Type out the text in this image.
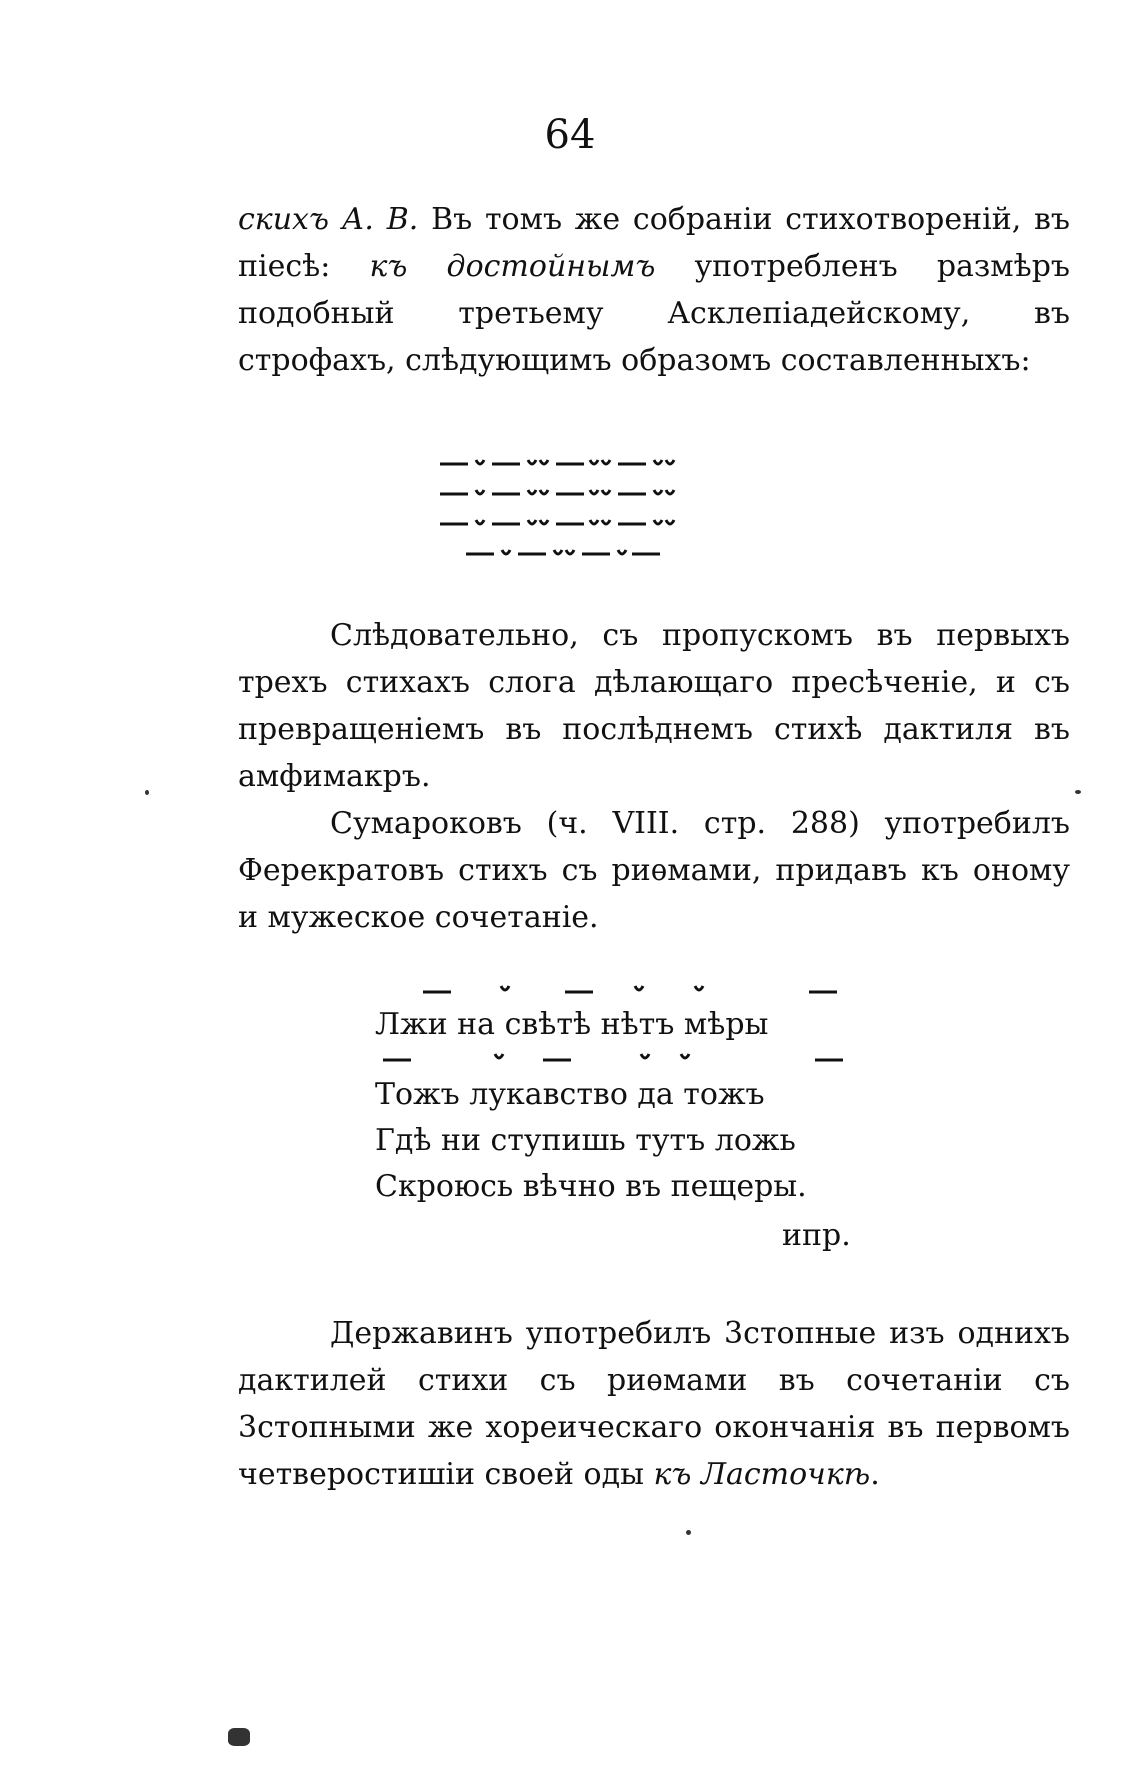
64

скихъ А. В. Въ томъ же собраніи стихотвореній, въ піесѣ: къ достойнымъ употребленъ размѣръ подобный третьему Асклепіадейскому, въ строфахъ, слѣдующимъ образомъ составленныхъ:

Слѣдовательно, съ пропускомъ въ первыхъ трехъ стихахъ слога дѣлающаго пресѣченіе, и съ превращеніемъ въ послѣднемъ стихѣ дактиля въ амфимакръ.

Сумароковъ (ч. VIII. стр. 288) употребилъ Ферекратовъ стихъ съ риѳмами, придавъ къ оному и мужеское сочетаніе.

Лжи на свѣтѣ нѣтъ мѣры
Тожъ лукавство да тожъ
Гдѣ ни ступишь тутъ ложь
Скроюсь вѣчно въ пещеры.
ипр.

Державинъ употребилъ 3стопные изъ однихъ дактилей стихи съ риѳмами въ сочетаніи съ 3стопными же хореическаго окончанія въ первомъ четверостишіи своей оды къ Ласточкѣ.
